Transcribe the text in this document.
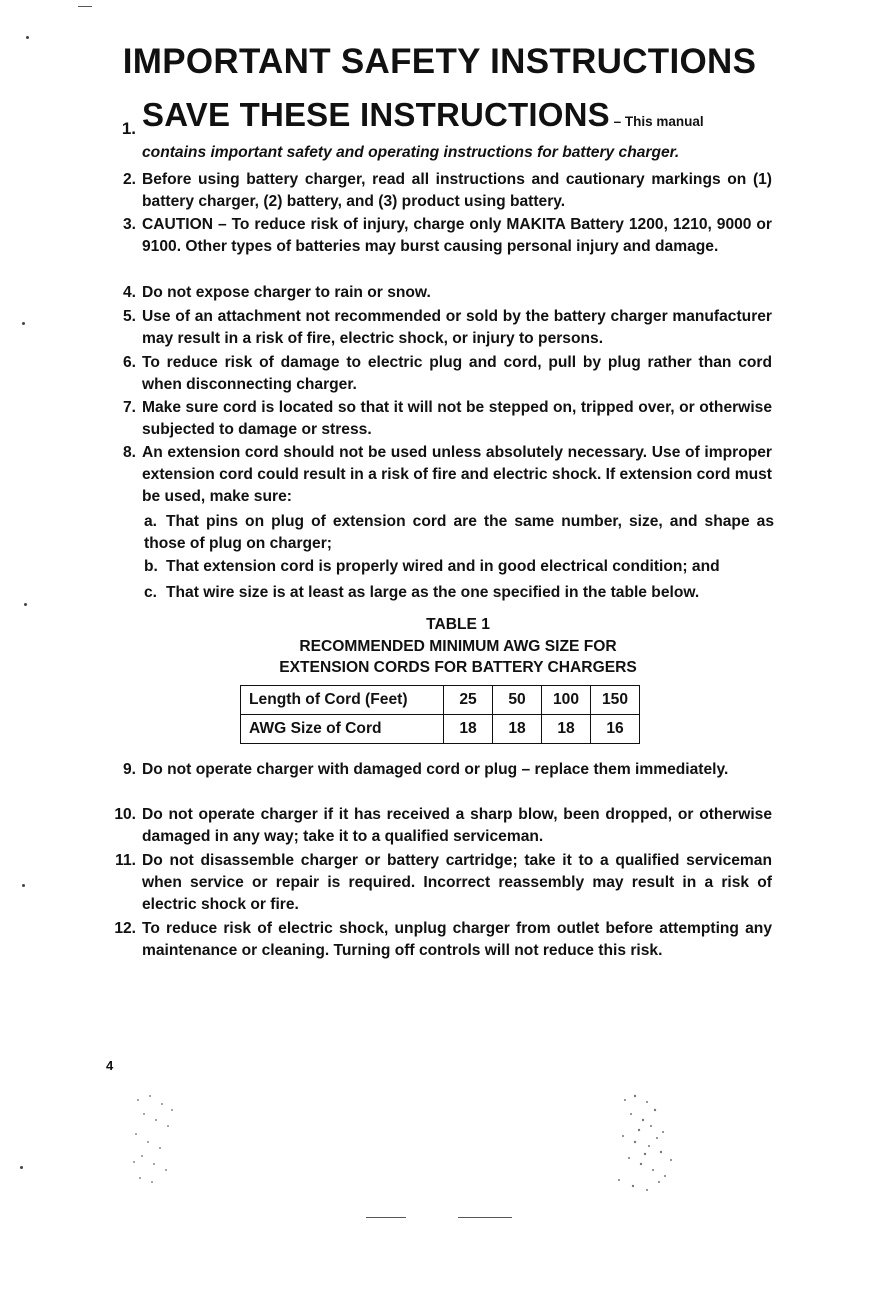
IMPORTANT SAFETY INSTRUCTIONS
1. SAVE THESE INSTRUCTIONS – This manual
contains important safety and operating instructions for battery charger.
2. Before using battery charger, read all instructions and cautionary markings on (1) battery charger, (2) battery, and (3) product using battery.
3. CAUTION – To reduce risk of injury, charge only MAKITA Battery 1200, 1210, 9000 or 9100. Other types of batteries may burst causing personal injury and damage.
4. Do not expose charger to rain or snow.
5. Use of an attachment not recommended or sold by the battery charger manufacturer may result in a risk of fire, electric shock, or injury to persons.
6. To reduce risk of damage to electric plug and cord, pull by plug rather than cord when disconnecting charger.
7. Make sure cord is located so that it will not be stepped on, tripped over, or otherwise subjected to damage or stress.
8. An extension cord should not be used unless absolutely necessary. Use of improper extension cord could result in a risk of fire and electric shock. If extension cord must be used, make sure:
a. That pins on plug of extension cord are the same number, size, and shape as those of plug on charger;
b. That extension cord is properly wired and in good electrical condition; and
c. That wire size is at least as large as the one specified in the table below.
TABLE 1
RECOMMENDED MINIMUM AWG SIZE FOR
EXTENSION CORDS FOR BATTERY CHARGERS
Length of Cord (Feet)	25	50	100	150
AWG Size of Cord	18	18	18	16
9. Do not operate charger with damaged cord or plug – replace them immediately.
10. Do not operate charger if it has received a sharp blow, been dropped, or otherwise damaged in any way; take it to a qualified serviceman.
11. Do not disassemble charger or battery cartridge; take it to a qualified serviceman when service or repair is required. Incorrect reassembly may result in a risk of electric shock or fire.
12. To reduce risk of electric shock, unplug charger from outlet before attempting any maintenance or cleaning. Turning off controls will not reduce this risk.
4
